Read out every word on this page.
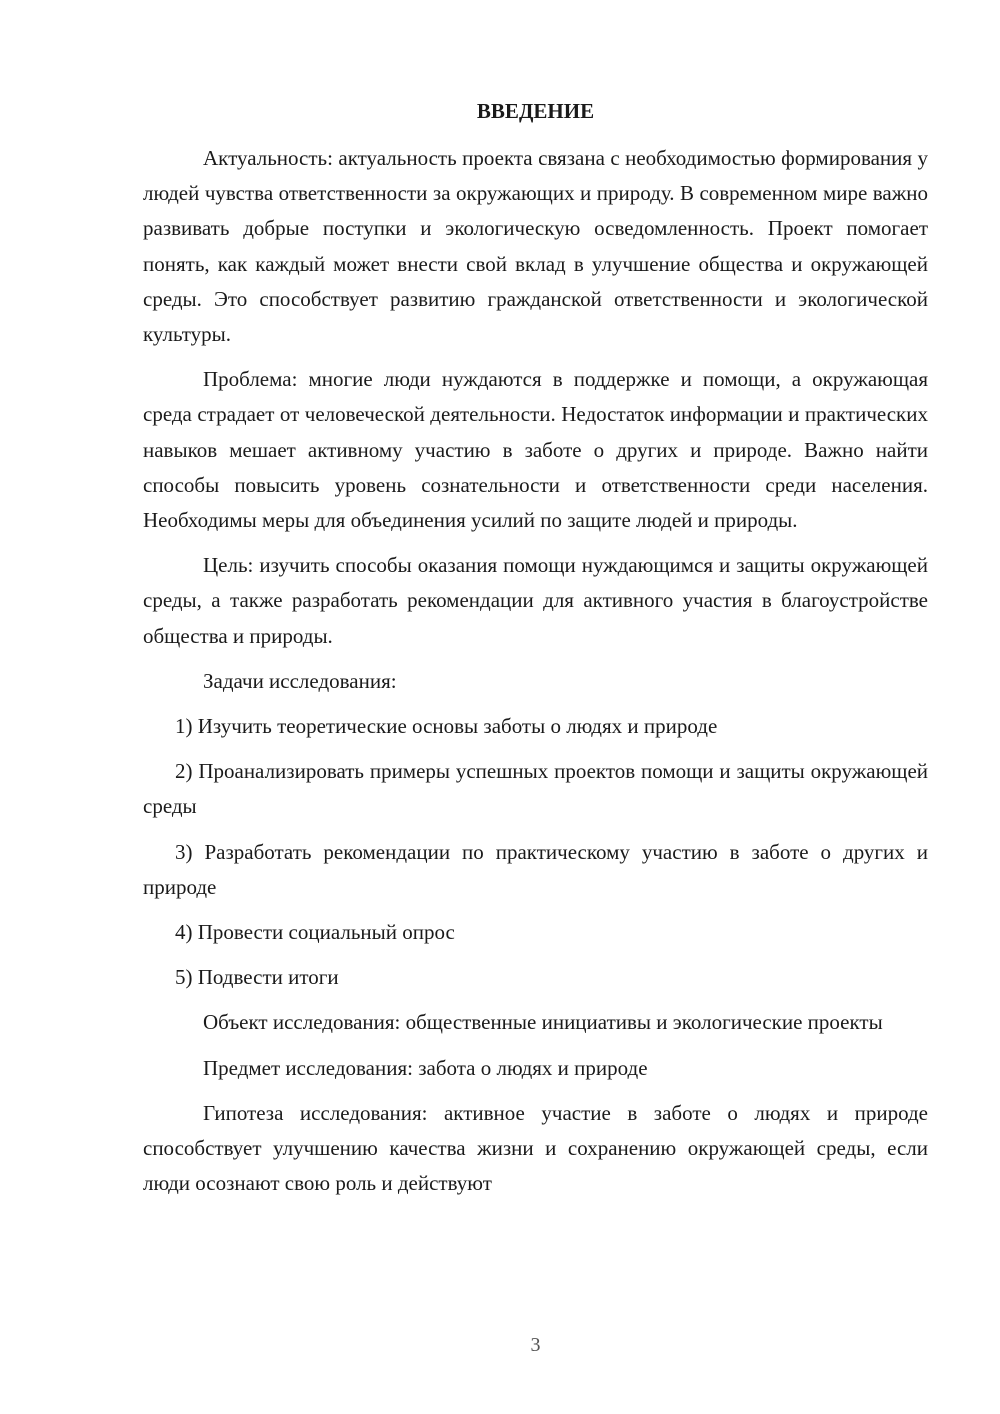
ВВЕДЕНИЕ

Актуальность: актуальность проекта связана с необходимостью формирования у людей чувства ответственности за окружающих и природу. В современном мире важно развивать добрые поступки и экологическую осведомленность. Проект помогает понять, как каждый может внести свой вклад в улучшение общества и окружающей среды. Это способствует развитию гражданской ответственности и экологической культуры.

Проблема: многие люди нуждаются в поддержке и помощи, а окружающая среда страдает от человеческой деятельности. Недостаток информации и практических навыков мешает активному участию в заботе о других и природе. Важно найти способы повысить уровень сознательности и ответственности среди населения. Необходимы меры для объединения усилий по защите людей и природы.

Цель: изучить способы оказания помощи нуждающимся и защиты окружающей среды, а также разработать рекомендации для активного участия в благоустройстве общества и природы.

Задачи исследования:

1) Изучить теоретические основы заботы о людях и природе

2) Проанализировать примеры успешных проектов помощи и защиты окружающей среды

3) Разработать рекомендации по практическому участию в заботе о других и природе

4) Провести социальный опрос

5) Подвести итоги

Объект исследования: общественные инициативы и экологические проекты

Предмет исследования: забота о людях и природе

Гипотеза исследования: активное участие в заботе о людях и природе способствует улучшению качества жизни и сохранению окружающей среды, если люди осознают свою роль и действуют

3
